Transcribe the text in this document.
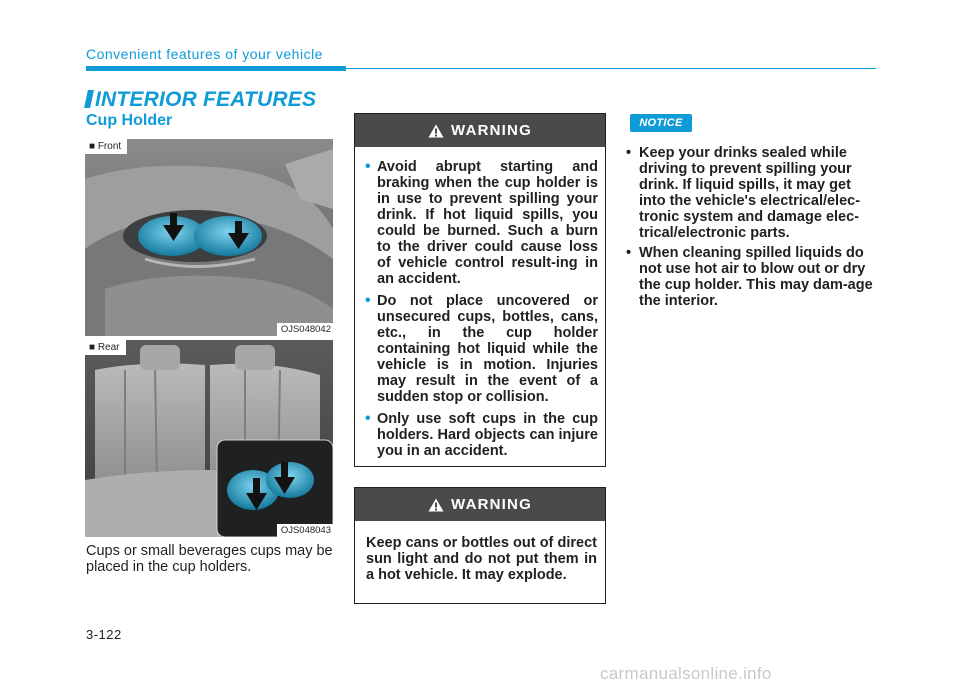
Convenient features of your vehicle
INTERIOR FEATURES
Cup Holder
■ Front
OJS048042
■ Rear
OJS048043
Cups or small beverages cups may be placed in the cup holders.
WARNING
• Avoid abrupt starting and braking when the cup holder is in use to prevent spilling your drink. If hot liquid spills, you could be burned. Such a burn to the driver could cause loss of vehicle control result-ing in an accident.
• Do not place uncovered or unsecured cups, bottles, cans, etc., in the cup holder containing hot liquid while the vehicle is in motion. Injuries may result in the event of a sudden stop or collision.
• Only use soft cups in the cup holders. Hard objects can injure you in an accident.
WARNING
Keep cans or bottles out of direct sun light and do not put them in a hot vehicle. It may explode.
NOTICE
• Keep your drinks sealed while driving to prevent spilling your drink. If liquid spills, it may get into the vehicle's electrical/elec-tronic system and damage elec-trical/electronic parts.
• When cleaning spilled liquids do not use hot air to blow out or dry the cup holder. This may dam-age the interior.
3-122
carmanualsonline.info
